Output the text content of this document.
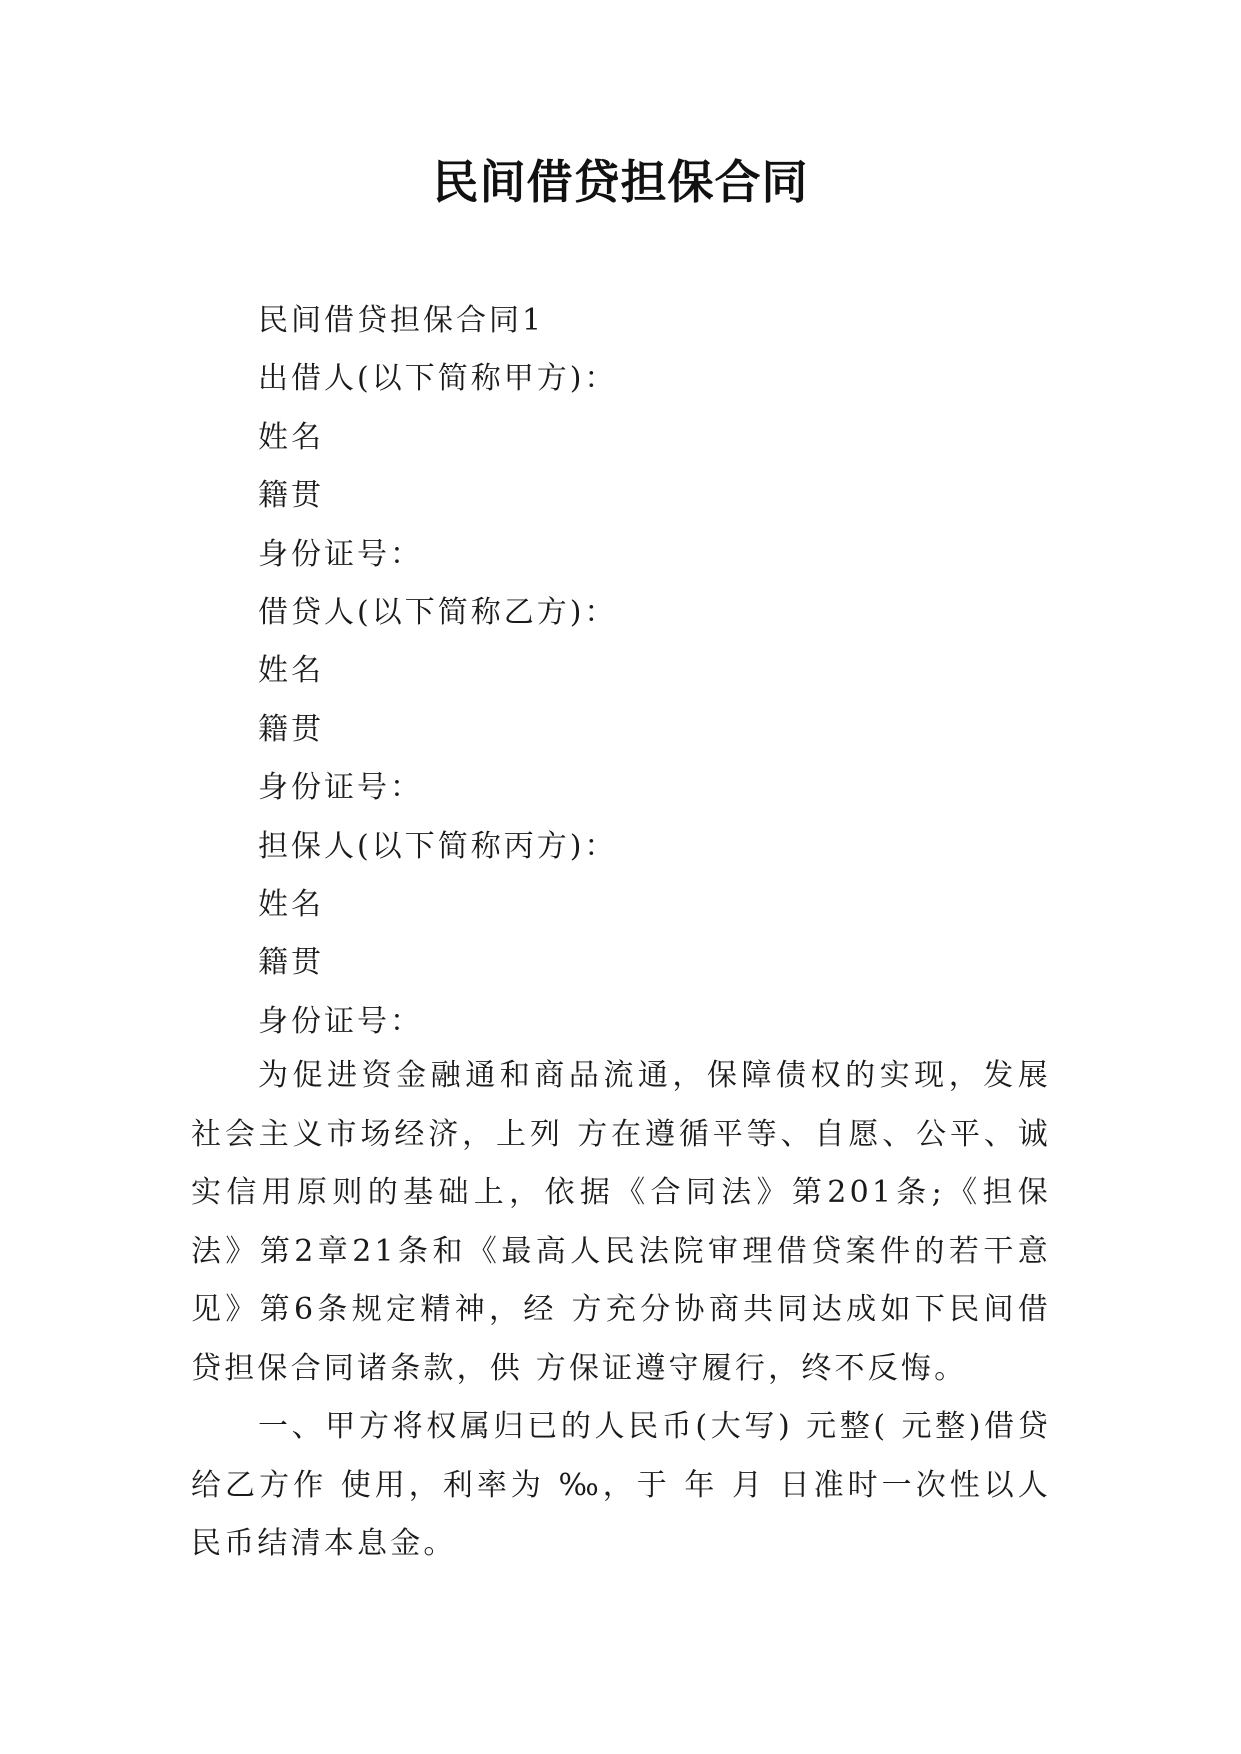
民间借贷担保合同
民间借贷担保合同1
出借人(以下简称甲方)：
姓名
籍贯
身份证号：
借贷人(以下简称乙方)：
姓名
籍贯
身份证号：
担保人(以下简称丙方)：
姓名
籍贯
身份证号：

为促进资金融通和商品流通，保障债权的实现，发展社会主义市场经济，上列 方在遵循平等、自愿、公平、诚实信用原则的基础上，依据《合同法》第201条;《担保法》第2章21条和《最高人民法院审理借贷案件的若干意见》第6条规定精神，经 方充分协商共同达成如下民间借贷担保合同诸条款，供 方保证遵守履行，终不反悔。

一、甲方将权属归已的人民币(大写) 元整( 元整)借贷给乙方作 使用，利率为 ‰，于 年 月 日准时一次性以人民币结清本息金。
